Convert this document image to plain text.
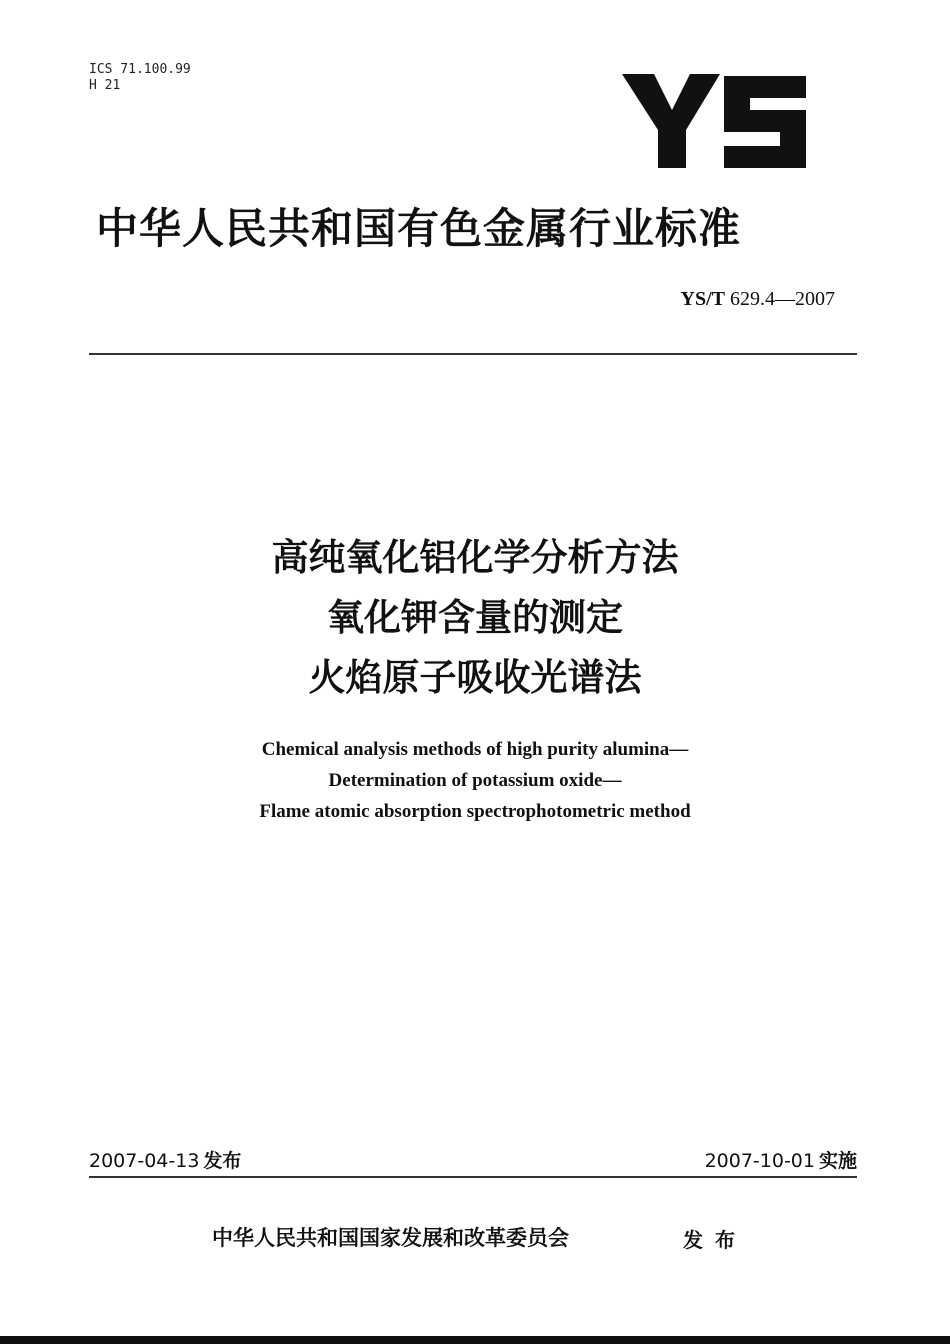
ICS 71.100.99
H 21
中华人民共和国有色金属行业标准
YS/T 629.4—2007
高纯氧化铝化学分析方法
氧化钾含量的测定
火焰原子吸收光谱法
Chemical analysis methods of high purity alumina—
Determination of potassium oxide—
Flame atomic absorption spectrophotometric method
2007-04-13 发布	2007-10-01 实施
中华人民共和国国家发展和改革委员会	发布
